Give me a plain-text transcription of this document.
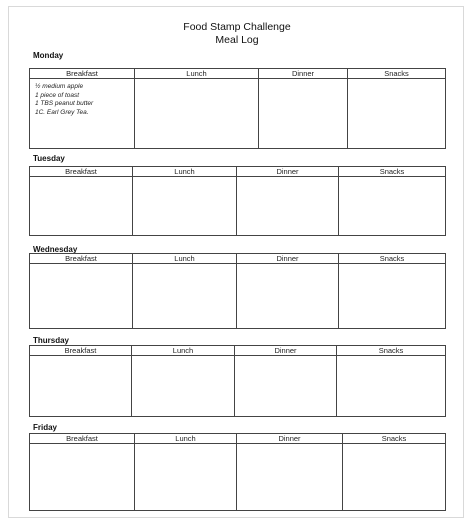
Food Stamp Challenge
Meal Log
Monday
Breakfast	Lunch	Dinner	Snacks

½ medium apple
1 piece of toast
1 TBS peanut butter
1C. Earl Grey Tea.			

Tuesday
Breakfast	Lunch	Dinner	Snacks

Wednesday
Breakfast	Lunch	Dinner	Snacks

Thursday
Breakfast	Lunch	Dinner	Snacks

Friday
Breakfast	Lunch	Dinner	Snacks
